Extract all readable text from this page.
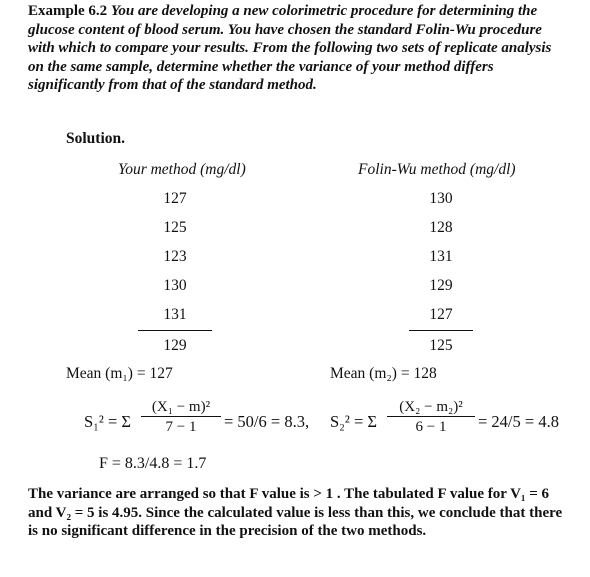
Example 6.2 You are developing a new colorimetric procedure for determining the glucose content of blood serum. You have chosen the standard Folin-Wu procedure with which to compare your results. From the following two sets of replicate analysis on the same sample, determine whether the variance of your method differs significantly from that of the standard method.
Solution.
Your method (mg/dl)	Folin-Wu method (mg/dl)
127
125
123
130
131
129
130
128
131
129
127
125
Mean (m₁) = 127	Mean (m₂) = 128
S₁² = Σ $\frac{\text{(X₁ − m)²}}{7 - 1} = 50/6 = 8.3$, S₂² = Σ $\frac{\text{(X₂ − m₂)²}}{6 - 1} = 24/5 = 4.8$
F = 8.3/4.8 = 1.7
The variance are arranged so that F value is > 1 . The tabulated F value for V₁ = 6 and V₂ = 5 is 4.95. Since the calculated value is less than this, we conclude that there is no significant difference in the precision of the two methods.
